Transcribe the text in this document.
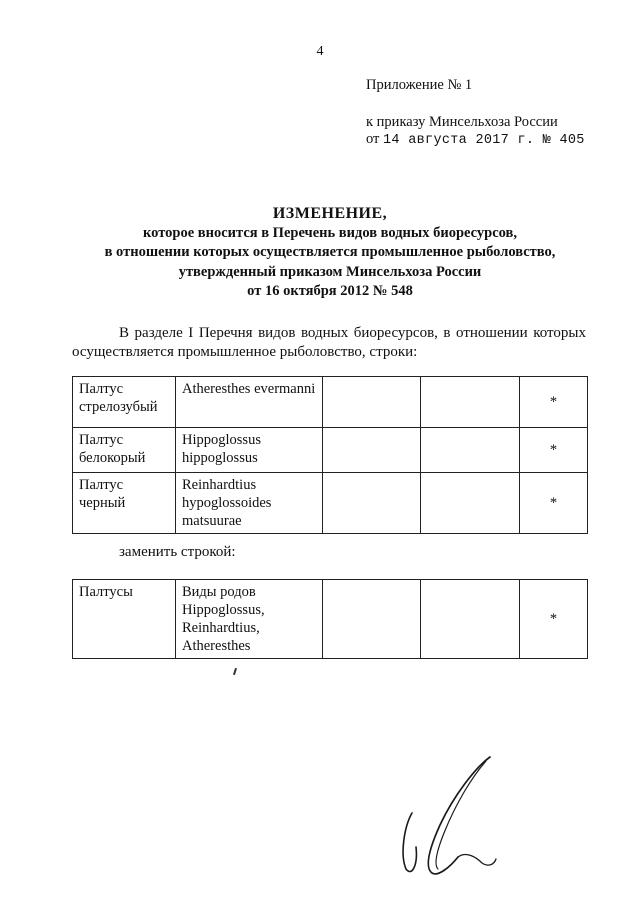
4
Приложение № 1
к приказу Минсельхоза России
от 14 августа 2017 г. № 405
ИЗМЕНЕНИЕ,
которое вносится в Перечень видов водных биоресурсов,
в отношении которых осуществляется промышленное рыболовство,
утвержденный приказом Минсельхоза России
от 16 октября 2012 № 548
В разделе I Перечня видов водных биоресурсов, в отношении которых осуществляется промышленное рыболовство, строки:
Палтус стрелозубый	Atheresthes evermanni			*
Палтус белокорый	Hippoglossus hippoglossus			*
Палтус черный	Reinhardtius hypoglossoides matsuurae			*
заменить строкой:
Палтусы	Виды родов Hippoglossus, Reinhardtius, Atheresthes			*
